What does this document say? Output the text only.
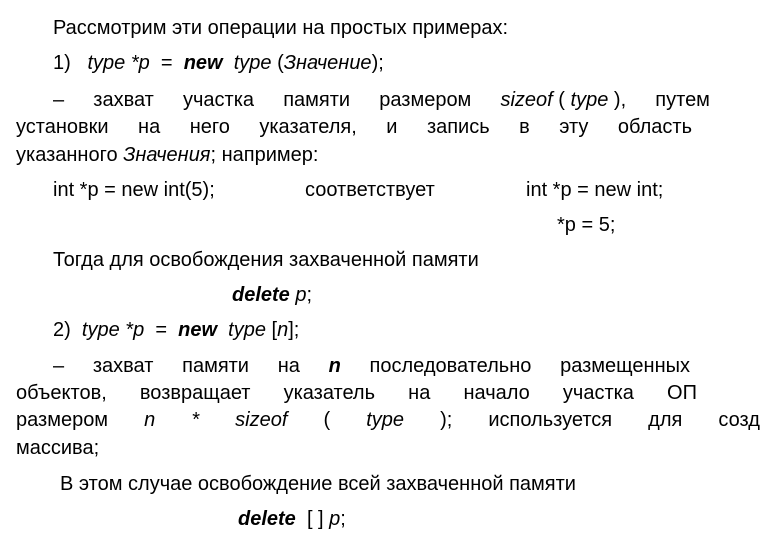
Рассмотрим эти операции на простых примерах:
1) type *p = new type (Значение);
– захват участка памяти размером sizeof ( type ), путем
установки на него указателя, и запись в эту область
указанного Значения; например:
int *p = new int(5);	соответствует	int *p = new int;
*p = 5;
Тогда для освобождения захваченной памяти
delete p;
2) type *p = new type [n];
– захват памяти на n последовательно размещенных
объектов, возвращает указатель на начало участка ОП
размером n * sizeof ( type ); используется для созд
массива;
В этом случае освобождение всей захваченной памяти
delete [ ] p;
